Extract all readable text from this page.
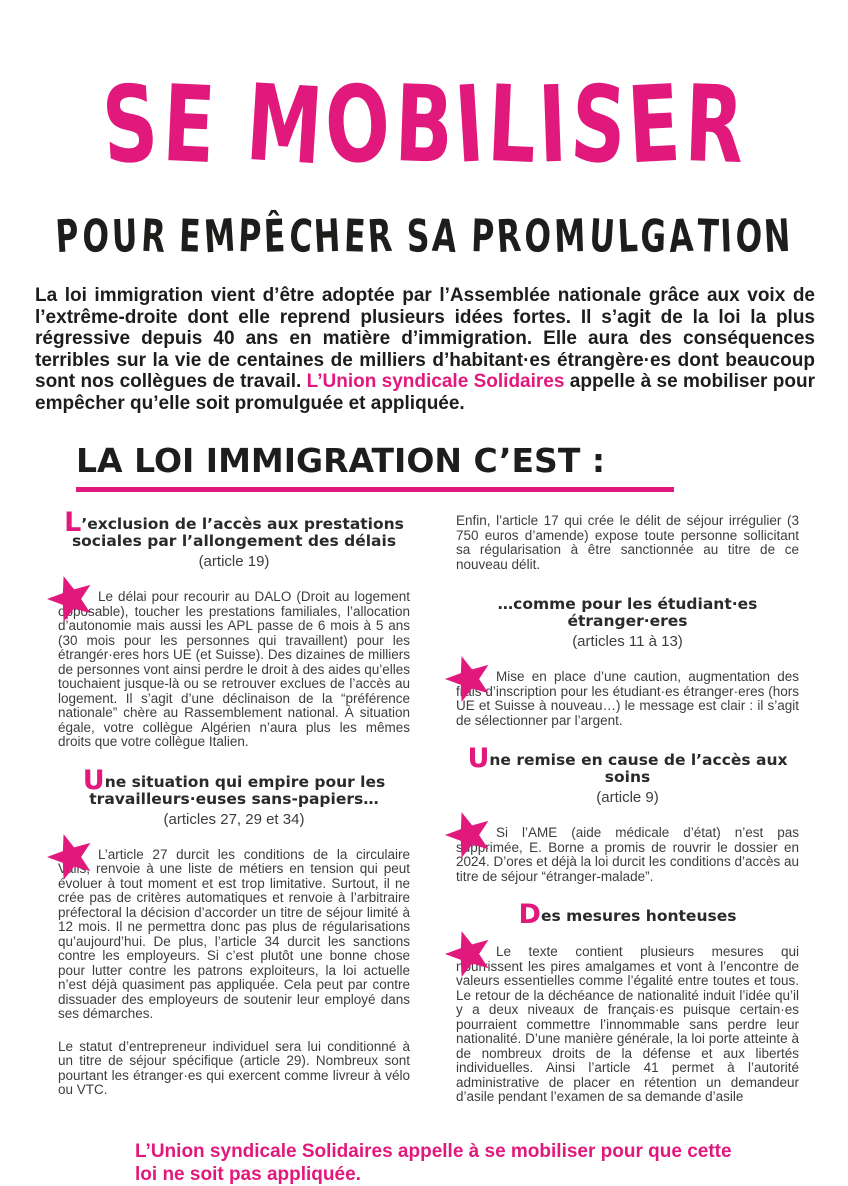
SE MOBILISER
POUR EMPÊCHER SA PROMULGATION

La loi immigration vient d’être adoptée par l’Assemblée nationale grâce aux voix de l’extrême-droite dont elle reprend plusieurs idées fortes. Il s’agit de la loi la plus régressive depuis 40 ans en matière d’immigration. Elle aura des conséquences terribles sur la vie de centaines de milliers d’habitant·es étrangère·es dont beaucoup sont nos collègues de travail. L’Union syndicale Solidaires appelle à se mobiliser pour empêcher qu’elle soit promulguée et appliquée.

LA LOI IMMIGRATION C’EST :
L’exclusion de l’accès aux prestations sociales par l’allongement des délais
(article 19)

Le délai pour recourir au DALO (Droit au logement opposable), toucher les prestations familiales, l’allocation d’autonomie mais aussi les APL passe de 6 mois à 5 ans (30 mois pour les personnes qui travaillent) pour les étrangér·eres hors UE (et Suisse). Des dizaines de milliers de personnes vont ainsi perdre le droit à des aides qu’elles touchaient jusque-là ou se retrouver exclues de l’accès au logement. Il s’agit d’une déclinaison de la “préférence nationale” chère au Rassemblement national. À situation égale, votre collègue Algérien n’aura plus les mêmes droits que votre collègue Italien.

Une situation qui empire pour les travailleurs·euses sans-papiers…
(articles 27, 29 et 34)

L’article 27 durcit les conditions de la circulaire Valls, renvoie à une liste de métiers en tension qui peut évoluer à tout moment et est trop limitative. Surtout, il ne crée pas de critères automatiques et renvoie à l’arbitraire préfectoral la décision d’accorder un titre de séjour limité à 12 mois. Il ne permettra donc pas plus de régularisations qu’aujourd’hui. De plus, l’article 34 durcit les sanctions contre les employeurs. Si c’est plutôt une bonne chose pour lutter contre les patrons exploiteurs, la loi actuelle n’est déjà quasiment pas appliquée. Cela peut par contre dissuader des employeurs de soutenir leur employé dans ses démarches.

Le statut d’entrepreneur individuel sera lui conditionné à un titre de séjour spécifique (article 29). Nombreux sont pourtant les étranger·es qui exercent comme livreur à vélo ou VTC.

Enfin, l’article 17 qui crée le délit de séjour irrégulier (3 750 euros d’amende) expose toute personne sollicitant sa régularisation à être sanctionnée au titre de ce nouveau délit.

…comme pour les étudiant·es étranger·eres
(articles 11 à 13)

Mise en place d’une caution, augmentation des frais d’inscription pour les étudiant·es étranger·eres (hors UE et Suisse à nouveau…) le message est clair : il s’agit de sélectionner par l’argent.

Une remise en cause de l’accès aux soins
(article 9)

Si l’AME (aide médicale d’état) n’est pas supprimée, E. Borne a promis de rouvrir le dossier en 2024. D’ores et déjà la loi durcit les conditions d’accès au titre de séjour “étranger-malade”.

Des mesures honteuses

Le texte contient plusieurs mesures qui nourrissent les pires amalgames et vont à l’encontre de valeurs essentielles comme l’égalité entre toutes et tous. Le retour de la déchéance de nationalité induit l’idée qu’il y a deux niveaux de français·es puisque certain·es pourraient commettre l’innommable sans perdre leur nationalité. D’une manière générale, la loi porte atteinte à de nombreux droits de la défense et aux libertés individuelles. Ainsi l’article 41 permet à l’autorité administrative de placer en rétention un demandeur d’asile pendant l’examen de sa demande d’asile

L’Union syndicale Solidaires appelle à se mobiliser pour que cette loi ne soit pas appliquée.
